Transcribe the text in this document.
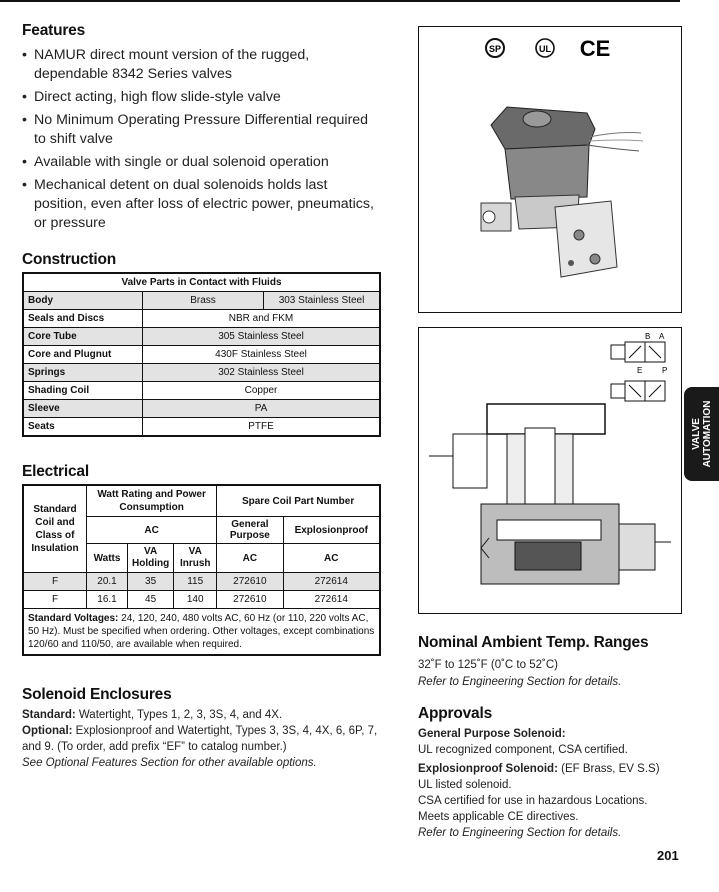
Features
• NAMUR direct mount version of the rugged, dependable 8342 Series valves
• Direct acting, high flow slide-style valve
• No Minimum Operating Pressure Differential required to shift valve
• Available with single or dual solenoid operation
• Mechanical detent on dual solenoids holds last position, even after loss of electric power, pneumatics, or pressure
Construction
Valve Parts in Contact with Fluids		
Body	Brass	303 Stainless Steel
Seals and Discs	NBR and FKM	
Core Tube	305 Stainless Steel	
Core and Plugnut	430F Stainless Steel	
Springs	302 Stainless Steel	
Shading Coil	Copper	
Sleeve	PA	
Seats	PTFE	
Electrical
Standard Coil and Class of Insulation	Watt Rating and Power Consumption			Spare Coil Part Number	
	AC			General Purpose	Explosionproof
	Watts	VA Holding	VA Inrush	AC	AC
F	20.1	35	115	272610	272614
F	16.1	45	140	272610	272614
Standard Voltages: 24, 120, 240, 480 volts AC, 60 Hz (or 110, 220 volts AC, 50 Hz). Must be specified when ordering. Other voltages, except combinations 120/60 and 110/50, are available when required.					
Solenoid Enclosures
Standard: Watertight, Types 1, 2, 3, 3S, 4, and 4X.
Optional: Explosionproof and Watertight, Types 3, 3S, 4, 4X, 6, 6P, 7, and 9. (To order, add prefix “EF” to catalog number.)
See Optional Features Section for other available options.
SP	UL CE
B A
E P
Nominal Ambient Temp. Ranges
32˚F to 125˚F (0˚C to 52˚C)
Refer to Engineering Section for details.
Approvals
General Purpose Solenoid:
UL recognized component, CSA certified.
Explosionproof Solenoid: (EF Brass, EV S.S)
UL listed solenoid.
CSA certified for use in hazardous Locations.
Meets applicable CE directives.
Refer to Engineering Section for details.
VALVE AUTOMATION
201
